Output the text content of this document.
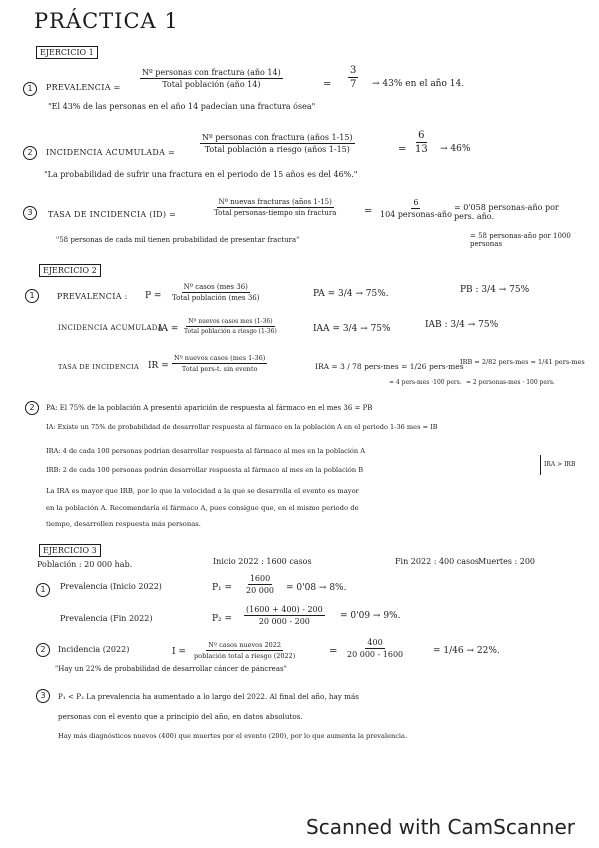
PRÁCTICA 1
EJERCICIO 1
1	PREVALENCIA =
Nº personas con fractura (año 14)
Total población (año 14)	= $\frac{3}{7} \to 43\%$ en el año 14.
"El 43% de las personas en el año 14 padecían una fractura ósea"
2	INCIDENCIA ACUMULADA =
Nº personas con fractura (años 1-15)
Total población a riesgo (años 1-15)	= $\frac{6}{13} \to 46\%$
"La probabilidad de sufrir una fractura en el periodo de 15 años es del 46%."
3	TASA DE INCIDENCIA (ID) =
Nº nuevas fracturas (años 1-15)
Total personas-tiempo sin fractura	=
6
104 personas-año
= 0'058 personas-año por pers. año.
"58 personas de cada mil tienen probabilidad de presentar fractura"	= 58 personas-año por 1000 personas
EJERCICIO 2
1	PREVALENCIA : P =
Nº casos (mes 36)
Total población (mes 36)	PA = 3/4 → 75%.	PB : 3/4 → 75%
INCIDENCIA ACUMULADA
IA =
Nº nuevos casos mes (1-36)
Total población a riesgo (1-36)	IAA = 3/4 → 75%	IAB : 3/4 → 75%
TASA DE INCIDENCIA IR =
Nº nuevos casos (mes 1-36)
Total pers-t. sin evento	IRA = 3 / 78 pers-mes = 1/26 pers-mes
= 4 pers-mes ·100 pers.
IRB = 2/82 pers-mes = 1/41 pers-mes
= 2 personas-mes · 100 pers.
2	PA: El 75% de la población A presentó aparición de respuesta al fármaco en el mes 36 = PB
IA: Existe un 75% de probabilidad de desarrollar respuesta al fármaco en la población A en el periodo 1-36 mes = IB
IRA: 4 de cada 100 personas podrían desarrollar respuesta al fármaco al mes en la población A
IRB: 2 de cada 100 personas podrán desarrollar respuesta al fármaco al mes en la población B
IRA > IRB
La IRA es mayor que IRB, por lo que la velocidad a la que se desarrolla el evento es mayor
en la población A. Recomendaría el fármaco A, pues consigue que, en el mismo periodo de
tiempo, desarrollen respuesta más personas.
EJERCICIO 3
Población : 20 000 hab.	Inicio 2022 : 1600 casos	Fin 2022 : 400 casos
Muertes : 200
1	Prevalencia (Inicio 2022)	$P_1 = \frac{1600}{20 000} = 0'08 \to 8\%$.
Prevalencia (Fin 2022)	$P_2 = \frac{(1600 + 400) - 200}{20 000 - 200} = 0'09 \to 9\%$.
2	Incidencia (2022)	I =
Nº casos nuevos 2022
población total a riesgo (2022)	= $\frac{400}{20 000 - 1600}$	= 1/46 → 22%.
"Hay un 22% de probabilidad de desarrollar cáncer de páncreas"
3	P₁ < P₂ La prevalencia ha aumentado a lo largo del 2022. Al final del año, hay más
personas con el evento que a principio del año, en datos absolutos.
Hay más diagnósticos nuevos (400) que muertes por el evento (200), por lo que aumenta la prevalencia.
Scanned with CamScanner
